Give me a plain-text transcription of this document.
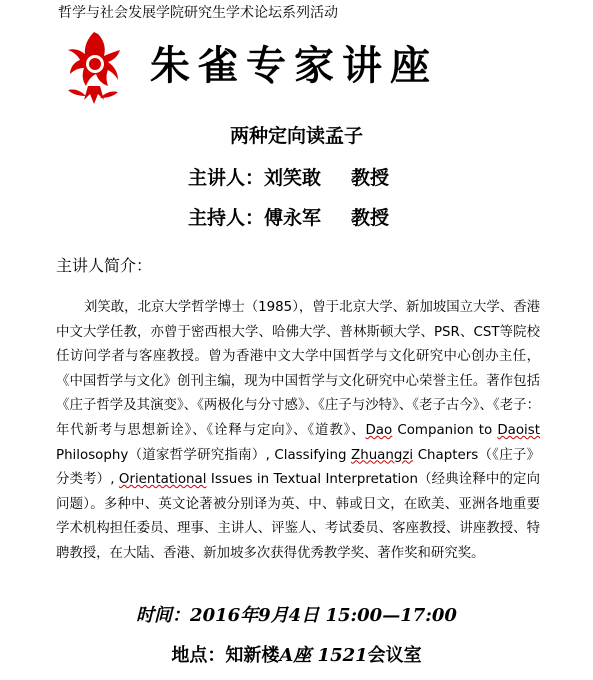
哲学与社会发展学院研究生学术论坛系列活动
朱雀专家讲座
两种定向读孟子
主讲人：刘笑敢 教授
主持人：傅永军 教授
主讲人简介：

刘笑敢，北京大学哲学博士（1985），曾于北京大学、新加坡国立大学、香港中文大学任教，亦曾于密西根大学、哈佛大学、普林斯顿大学、PSR、CST等院校任访问学者与客座教授。曾为香港中文大学中国哲学与文化研究中心创办主任，《中国哲学与文化》创刊主编，现为中国哲学与文化研究中心荣誉主任。著作包括《庄子哲学及其演变》、《两极化与分寸感》、《庄子与沙特》、《老子古今》、《老子：年代新考与思想新诠》、《诠释与定向》、《道教》、Dao Companion to Daoist Philosophy（道家哲学研究指南）, Classifying Zhuangzi Chapters（《庄子》分类考）, Orientational Issues in Textual Interpretation（经典诠释中的定向问题）。多种中、英文论著被分别译为英、中、韩或日文，在欧美、亚洲各地重要学术机构担任委员、理事、主讲人、评鉴人、考试委员、客座教授、讲座教授、特聘教授，在大陆、香港、新加坡多次获得优秀教学奖、著作奖和研究奖。

时间：2016年9月4日 15:00—17:00
地点：知新楼A座 1521会议室
